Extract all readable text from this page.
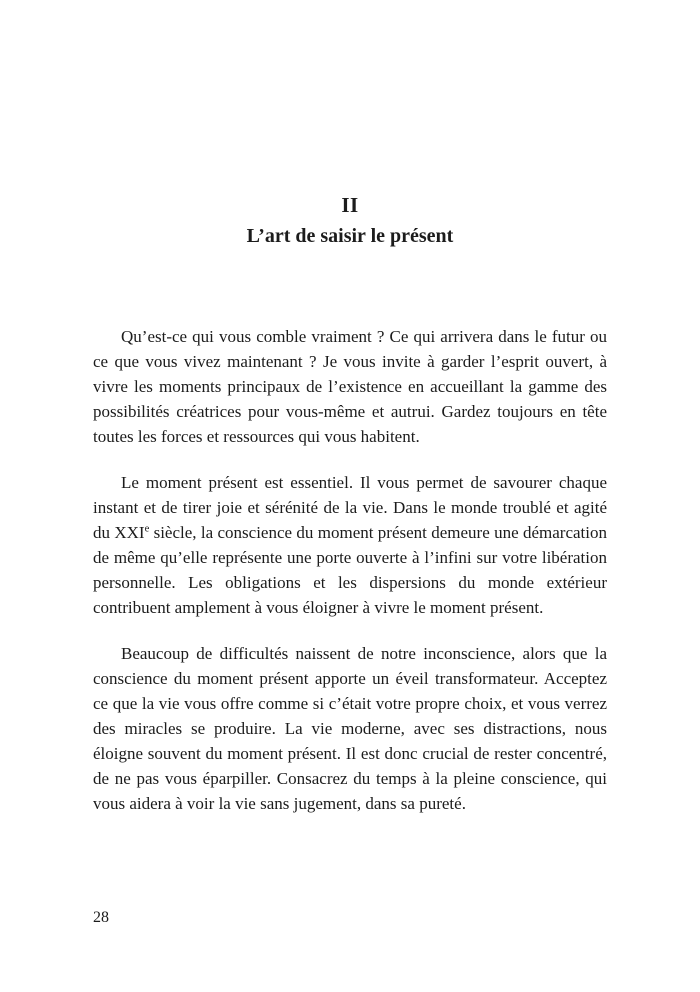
II
L’art de saisir le présent

Qu’est-ce qui vous comble vraiment ? Ce qui arrivera dans le futur ou ce que vous vivez maintenant ? Je vous invite à garder l’esprit ouvert, à vivre les moments principaux de l’existence en accueillant la gamme des possibilités créatrices pour vous-même et autrui. Gardez toujours en tête toutes les forces et ressources qui vous habitent.

Le moment présent est essentiel. Il vous permet de savourer chaque instant et de tirer joie et sérénité de la vie. Dans le monde troublé et agité du XXIe siècle, la conscience du moment présent demeure une démarcation de même qu’elle représente une porte ouverte à l’infini sur votre libération personnelle. Les obligations et les dispersions du monde extérieur contribuent amplement à vous éloigner à vivre le moment présent.

Beaucoup de difficultés naissent de notre inconscience, alors que la conscience du moment présent apporte un éveil transformateur. Acceptez ce que la vie vous offre comme si c’était votre propre choix, et vous verrez des miracles se produire. La vie moderne, avec ses distractions, nous éloigne souvent du moment présent. Il est donc crucial de rester concentré, de ne pas vous éparpiller. Consacrez du temps à la pleine conscience, qui vous aidera à voir la vie sans jugement, dans sa pureté.

28
